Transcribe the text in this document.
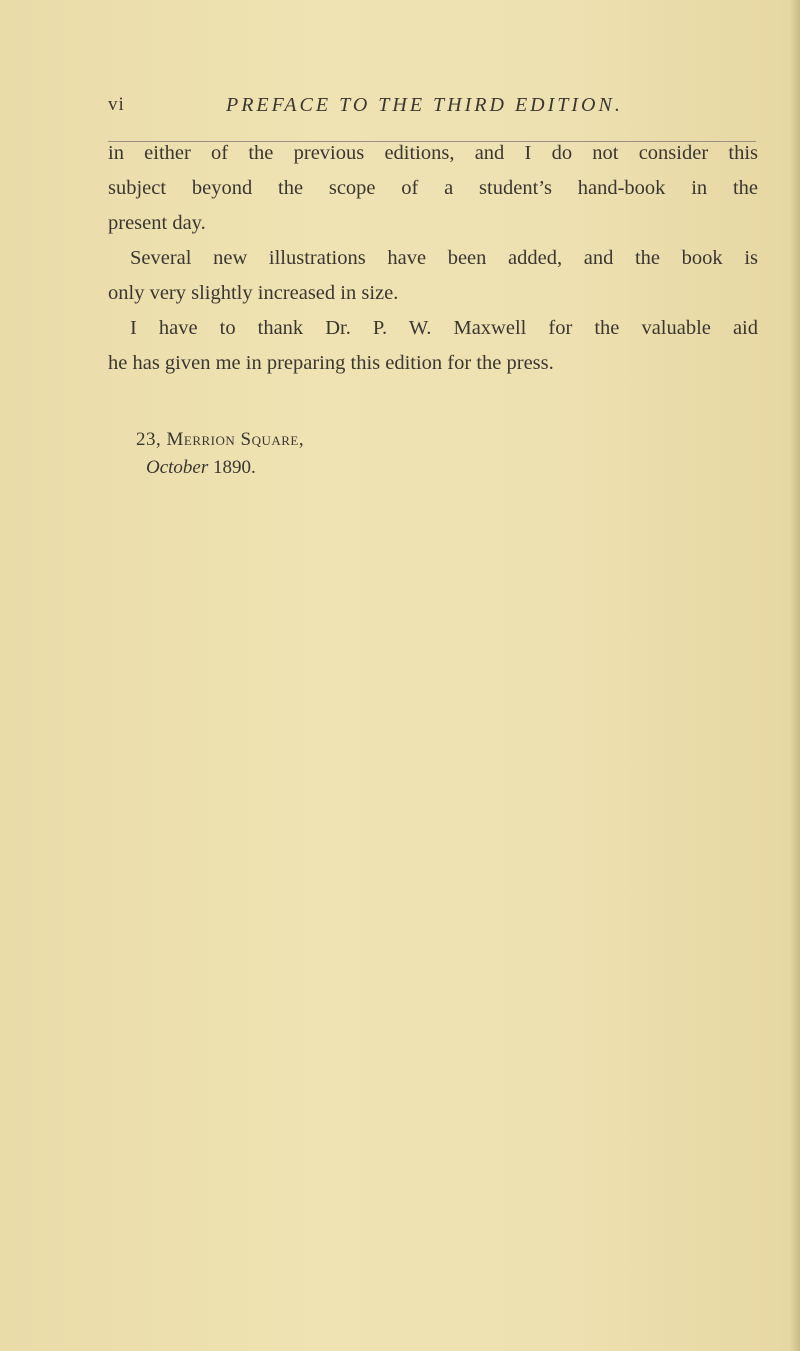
vi	PREFACE TO THE THIRD EDITION.

in either of the previous editions, and I do not consider this

subject beyond the scope of a student’s hand-book in the

present day.

Several new illustrations have been added, and the book is

only very slightly increased in size.

I have to thank Dr. P. W. Maxwell for the valuable aid

he has given me in preparing this edition for the press.

23, Merrion Square,
October 1890.
